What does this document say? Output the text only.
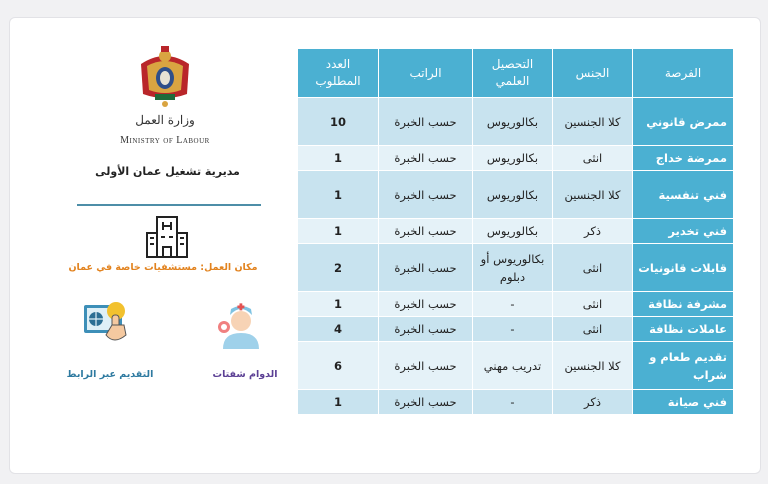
وزارة العمل
Ministry of Labour
مديرية تشغيل عمان الأولى
مكان العمل: مستشفيات خاصة في عمان
التقديم عبر الرابط	الدوام شفتات
الفرصة	الجنس	التحصيل العلمي	الراتب	العدد المطلوب
ممرض قانوني	كلا الجنسين	بكالوريوس	حسب الخبرة	10
ممرضة خداج	انثى	بكالوريوس	حسب الخبرة	1
فني تنفسية	كلا الجنسين	بكالوريوس	حسب الخبرة	1
فني تخدير	ذكر	بكالوريوس	حسب الخبرة	1
قابلات قانونيات	انثى	بكالوريوس أو دبلوم	حسب الخبرة	2
مشرفة نظافة	انثى	-	حسب الخبرة	1
عاملات نظافة	انثى	-	حسب الخبرة	4
تقديم طعام و شراب	كلا الجنسين	تدريب مهني	حسب الخبرة	6
فني صيانة	ذكر	-	حسب الخبرة	1
